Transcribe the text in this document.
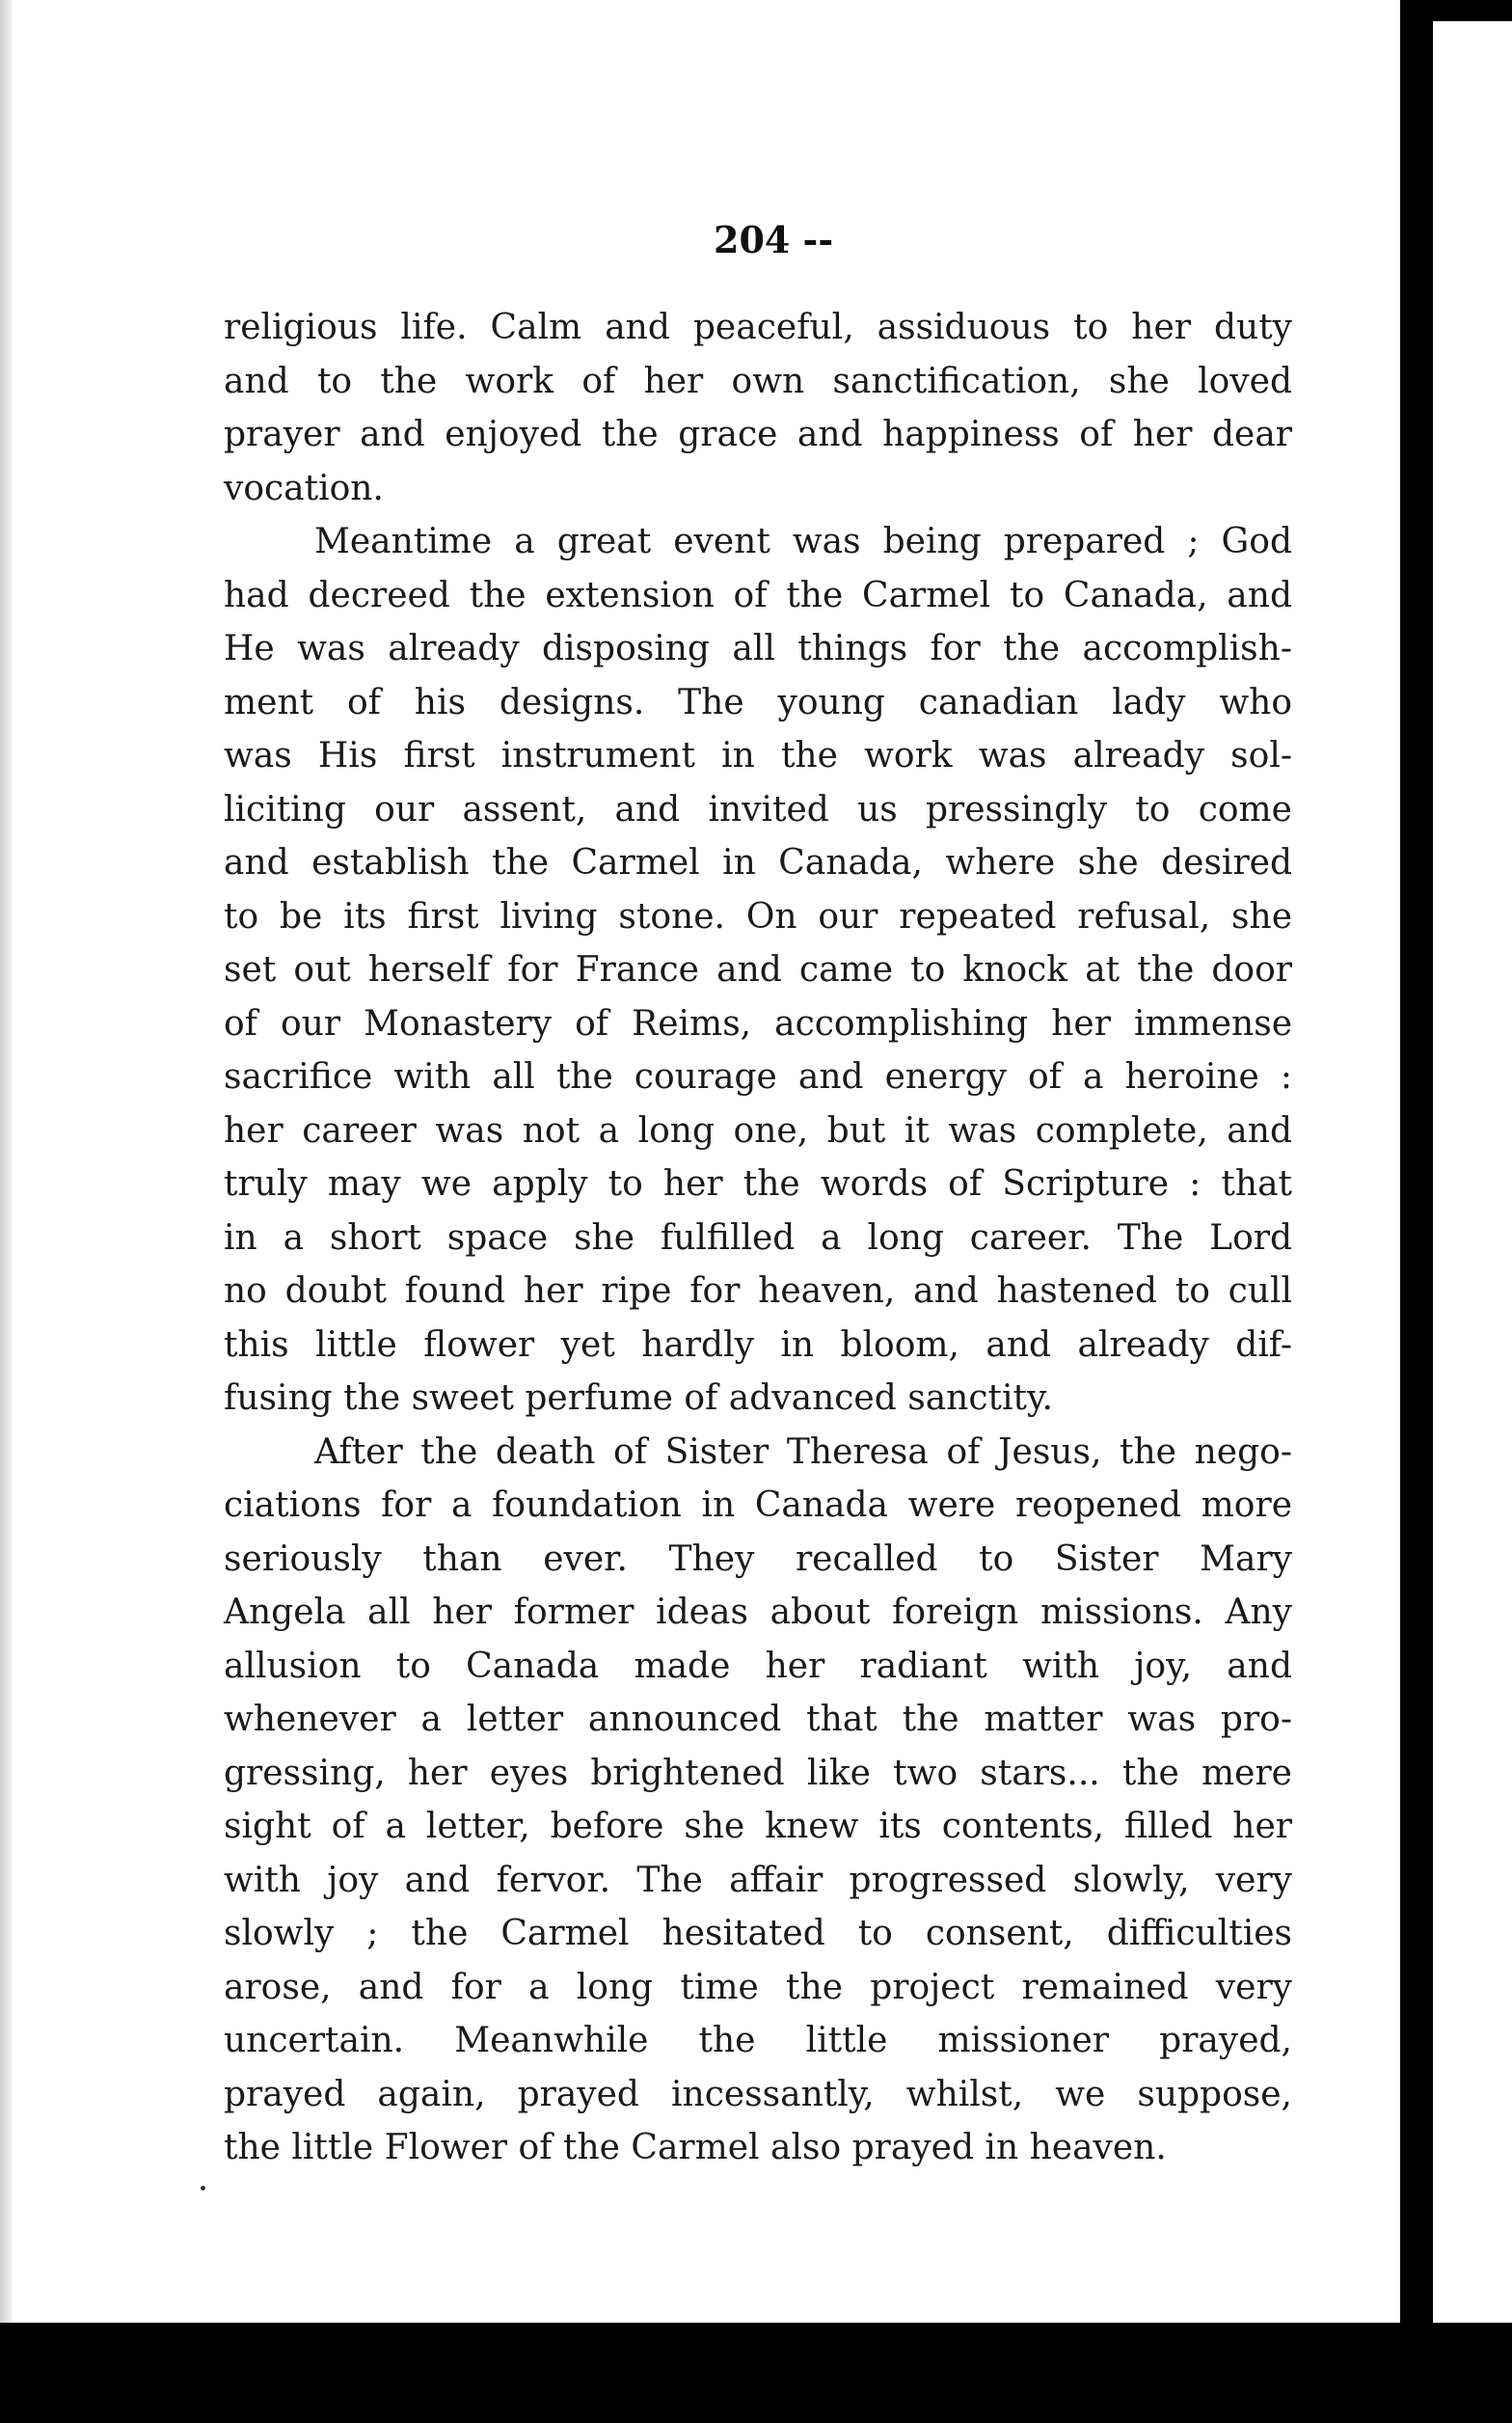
204 --
religious life. Calm and peaceful, assiduous to her duty
and to the work of her own sanctification, she loved
prayer and enjoyed the grace and happiness of her dear
vocation.
Meantime a great event was being prepared ; God
had decreed the extension of the Carmel to Canada, and
He was already disposing all things for the accomplish-
ment of his designs. The young canadian lady who
was His first instrument in the work was already sol-
liciting our assent, and invited us pressingly to come
and establish the Carmel in Canada, where she desired
to be its first living stone. On our repeated refusal, she
set out herself for France and came to knock at the door
of our Monastery of Reims, accomplishing her immense
sacrifice with all the courage and energy of a heroine :
her career was not a long one, but it was complete, and
truly may we apply to her the words of Scripture : that
in a short space she fulfilled a long career. The Lord
no doubt found her ripe for heaven, and hastened to cull
this little flower yet hardly in bloom, and already dif-
fusing the sweet perfume of advanced sanctity.
After the death of Sister Theresa of Jesus, the nego-
ciations for a foundation in Canada were reopened more
seriously than ever. They recalled to Sister Mary
Angela all her former ideas about foreign missions. Any
allusion to Canada made her radiant with joy, and
whenever a letter announced that the matter was pro-
gressing, her eyes brightened like two stars... the mere
sight of a letter, before she knew its contents, filled her
with joy and fervor. The affair progressed slowly, very
slowly ; the Carmel hesitated to consent, difficulties
arose, and for a long time the project remained very
uncertain. Meanwhile the little missioner prayed,
prayed again, prayed incessantly, whilst, we suppose,
the little Flower of the Carmel also prayed in heaven.
